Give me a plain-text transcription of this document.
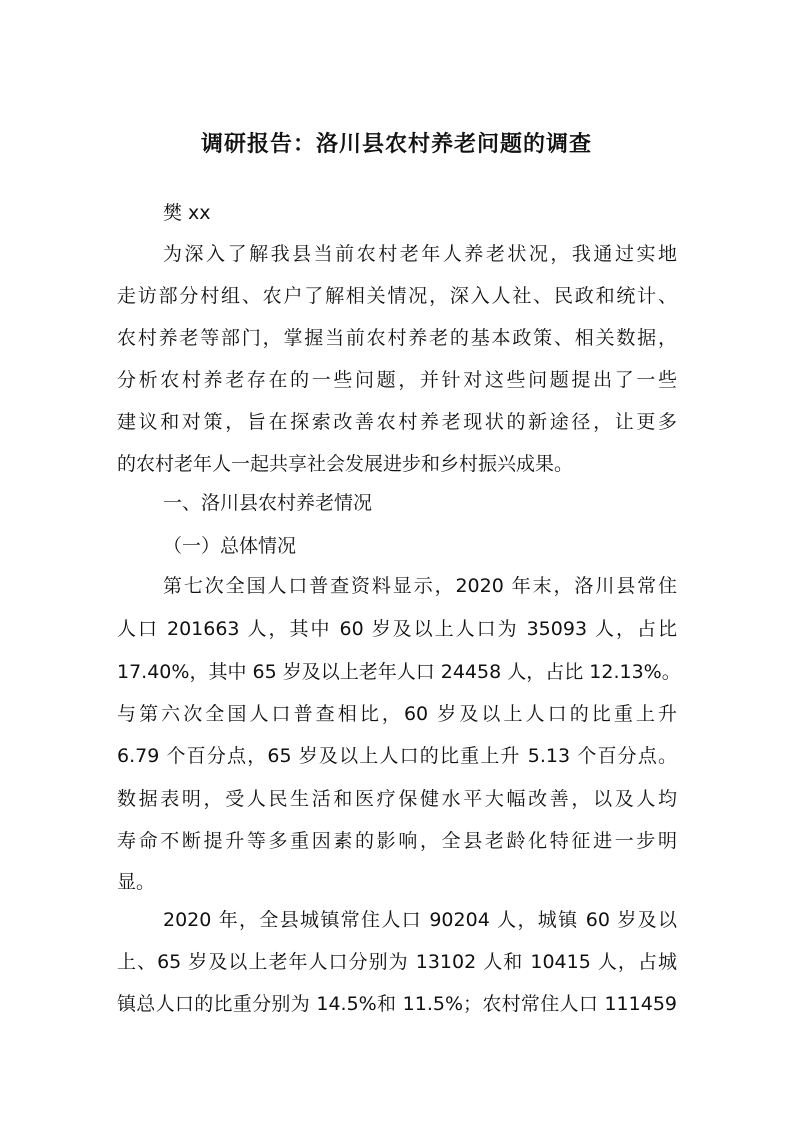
调研报告：洛川县农村养老问题的调查
樊 xx
为深入了解我县当前农村老年人养老状况，我通过实地
走访部分村组、农户了解相关情况，深入人社、民政和统计、
农村养老等部门，掌握当前农村养老的基本政策、相关数据，
分析农村养老存在的一些问题，并针对这些问题提出了一些
建议和对策，旨在探索改善农村养老现状的新途径，让更多
的农村老年人一起共享社会发展进步和乡村振兴成果。
一、洛川县农村养老情况
（一）总体情况
第七次全国人口普查资料显示，2020 年末，洛川县常住
人口 201663 人，其中 60 岁及以上人口为 35093 人，占比
17.40%，其中 65 岁及以上老年人口 24458 人，占比 12.13%。
与第六次全国人口普查相比，60 岁及以上人口的比重上升
6.79 个百分点，65 岁及以上人口的比重上升 5.13 个百分点。
数据表明，受人民生活和医疗保健水平大幅改善，以及人均
寿命不断提升等多重因素的影响，全县老龄化特征进一步明
显。
2020 年，全县城镇常住人口 90204 人，城镇 60 岁及以
上、65 岁及以上老年人口分别为 13102 人和 10415 人，占城
镇总人口的比重分别为 14.5%和 11.5%；农村常住人口 111459
